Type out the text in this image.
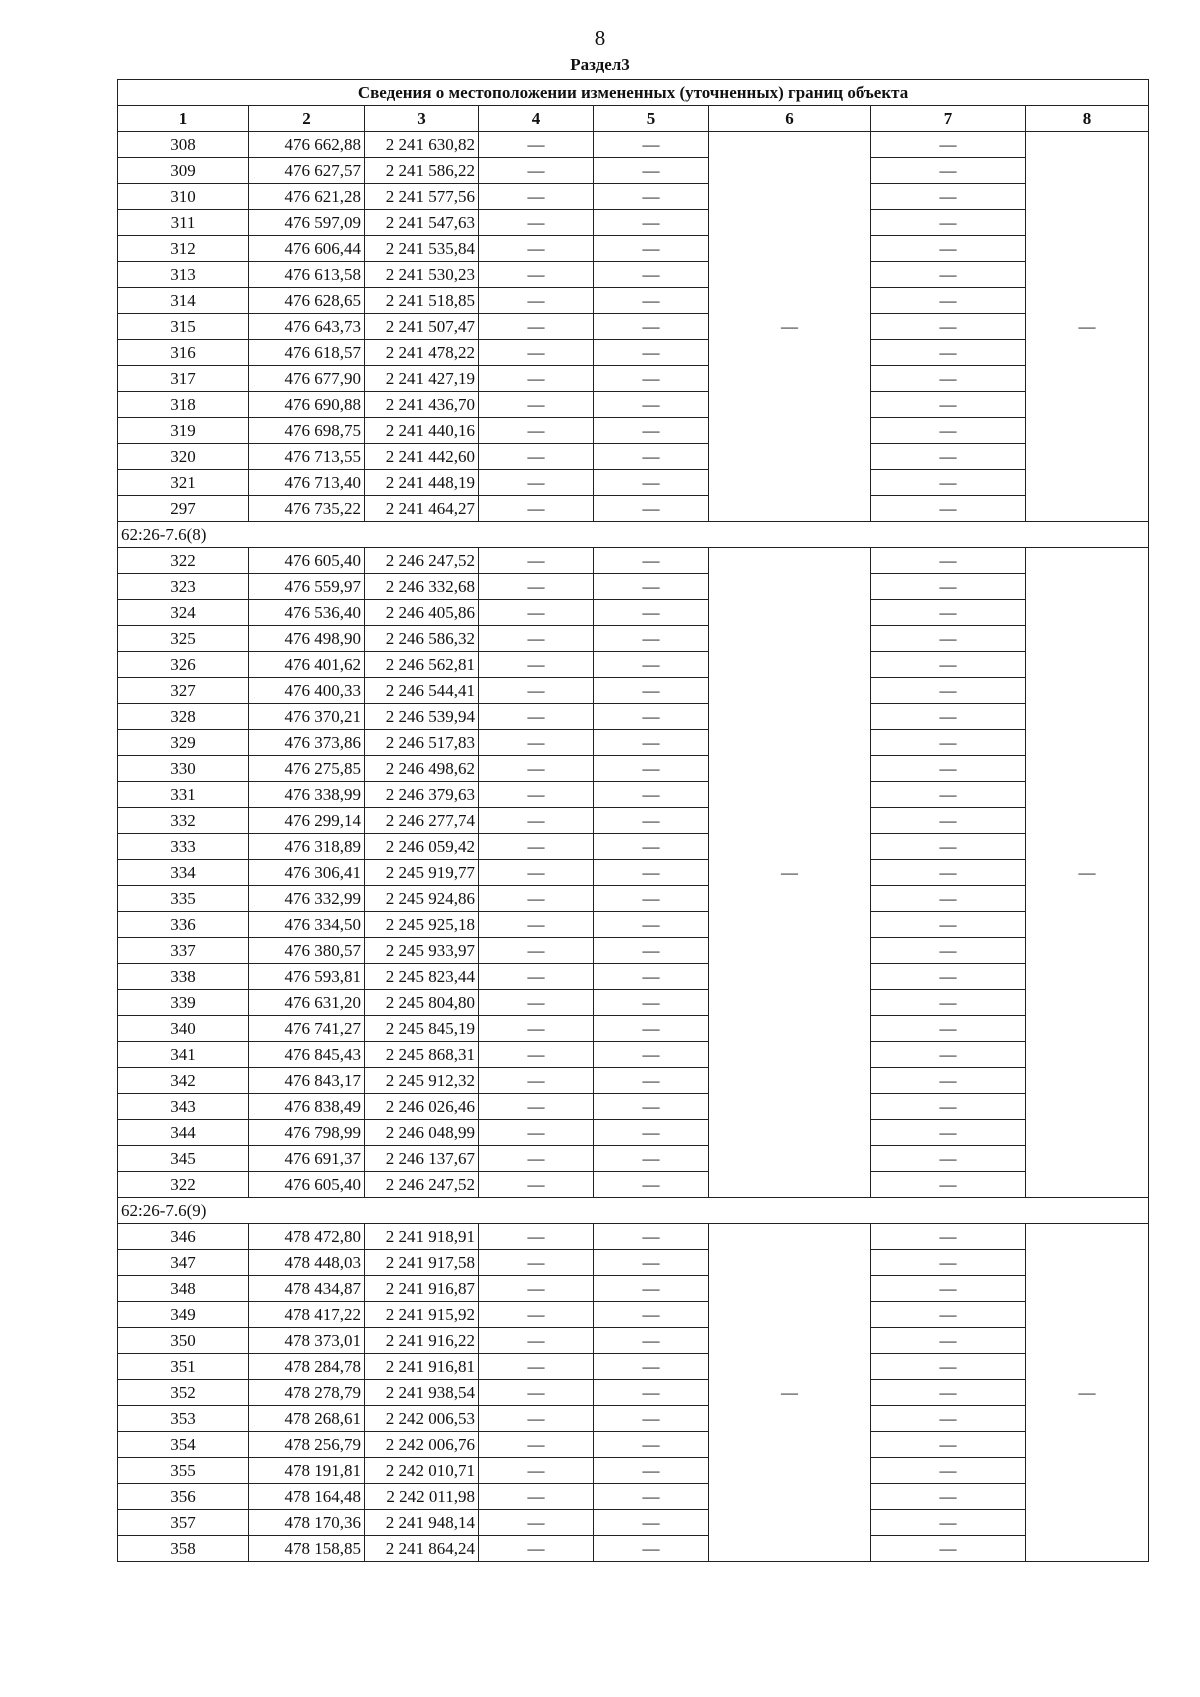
8
Раздел3
Сведения о местоположении измененных (уточненных) границ объекта							
1	2	3	4	5	6	7	8
308	476 662,88	2 241 630,82	—	—	—	—	—
309	476 627,57	2 241 586,22	—	—		—	
310	476 621,28	2 241 577,56	—	—		—	
311	476 597,09	2 241 547,63	—	—		—	
312	476 606,44	2 241 535,84	—	—		—	
313	476 613,58	2 241 530,23	—	—		—	
314	476 628,65	2 241 518,85	—	—		—	
315	476 643,73	2 241 507,47	—	—		—	
316	476 618,57	2 241 478,22	—	—		—	
317	476 677,90	2 241 427,19	—	—		—	
318	476 690,88	2 241 436,70	—	—		—	
319	476 698,75	2 241 440,16	—	—		—	
320	476 713,55	2 241 442,60	—	—		—	
321	476 713,40	2 241 448,19	—	—		—	
297	476 735,22	2 241 464,27	—	—		—	
62:26-7.6(8)							
322	476 605,40	2 246 247,52	—	—	—	—	—
323	476 559,97	2 246 332,68	—	—		—	
324	476 536,40	2 246 405,86	—	—		—	
325	476 498,90	2 246 586,32	—	—		—	
326	476 401,62	2 246 562,81	—	—		—	
327	476 400,33	2 246 544,41	—	—		—	
328	476 370,21	2 246 539,94	—	—		—	
329	476 373,86	2 246 517,83	—	—		—	
330	476 275,85	2 246 498,62	—	—		—	
331	476 338,99	2 246 379,63	—	—		—	
332	476 299,14	2 246 277,74	—	—		—	
333	476 318,89	2 246 059,42	—	—		—	
334	476 306,41	2 245 919,77	—	—		—	
335	476 332,99	2 245 924,86	—	—		—	
336	476 334,50	2 245 925,18	—	—		—	
337	476 380,57	2 245 933,97	—	—		—	
338	476 593,81	2 245 823,44	—	—		—	
339	476 631,20	2 245 804,80	—	—		—	
340	476 741,27	2 245 845,19	—	—		—	
341	476 845,43	2 245 868,31	—	—		—	
342	476 843,17	2 245 912,32	—	—		—	
343	476 838,49	2 246 026,46	—	—		—	
344	476 798,99	2 246 048,99	—	—		—	
345	476 691,37	2 246 137,67	—	—		—	
322	476 605,40	2 246 247,52	—	—		—	
62:26-7.6(9)							
346	478 472,80	2 241 918,91	—	—	—	—	—
347	478 448,03	2 241 917,58	—	—		—	
348	478 434,87	2 241 916,87	—	—		—	
349	478 417,22	2 241 915,92	—	—		—	
350	478 373,01	2 241 916,22	—	—		—	
351	478 284,78	2 241 916,81	—	—		—	
352	478 278,79	2 241 938,54	—	—		—	
353	478 268,61	2 242 006,53	—	—		—	
354	478 256,79	2 242 006,76	—	—		—	
355	478 191,81	2 242 010,71	—	—		—	
356	478 164,48	2 242 011,98	—	—		—	
357	478 170,36	2 241 948,14	—	—		—	
358	478 158,85	2 241 864,24	—	—		—	
